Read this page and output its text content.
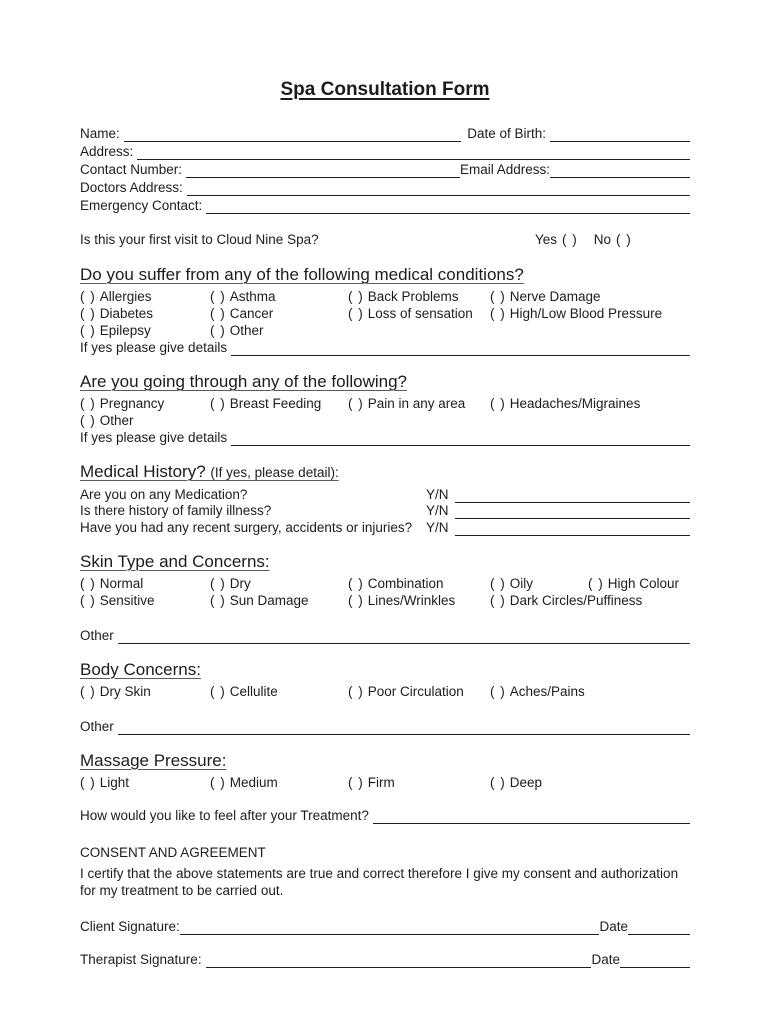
Spa Consultation Form
Name:	Date of Birth:
Address:
Contact Number:	Email Address:
Doctors Address:
Emergency Contact:
Is this your first visit to Cloud Nine Spa?	Yes ( ) No ( )
Do you suffer from any of the following medical conditions?
( ) Allergies	( ) Asthma	( ) Back Problems	( ) Nerve Damage
( ) Diabetes	( ) Cancer	( ) Loss of sensation	( ) High/Low Blood Pressure
( ) Epilepsy	( ) Other
If yes please give details
Are you going through any of the following?
( ) Pregnancy	( ) Breast Feeding	( ) Pain in any area	( ) Headaches/Migraines
( ) Other
If yes please give details
Medical History? (If yes, please detail):
Are you on any Medication?	Y/N
Is there history of family illness?	Y/N
Have you had any recent surgery, accidents or injuries?	Y/N
Skin Type and Concerns:
( ) Normal	( ) Dry	( ) Combination	( ) Oily	( ) High Colour
( ) Sensitive	( ) Sun Damage	( ) Lines/Wrinkles	( ) Dark Circles/Puffiness
Other
Body Concerns:
( ) Dry Skin	( ) Cellulite	( ) Poor Circulation	( ) Aches/Pains
Other
Massage Pressure:
( ) Light	( ) Medium	( ) Firm	( ) Deep
How would you like to feel after your Treatment?

CONSENT AND AGREEMENT

I certify that the above statements are true and correct therefore I give my consent and authorization for my treatment to be carried out.

Client Signature:	Date
Therapist Signature:	Date
